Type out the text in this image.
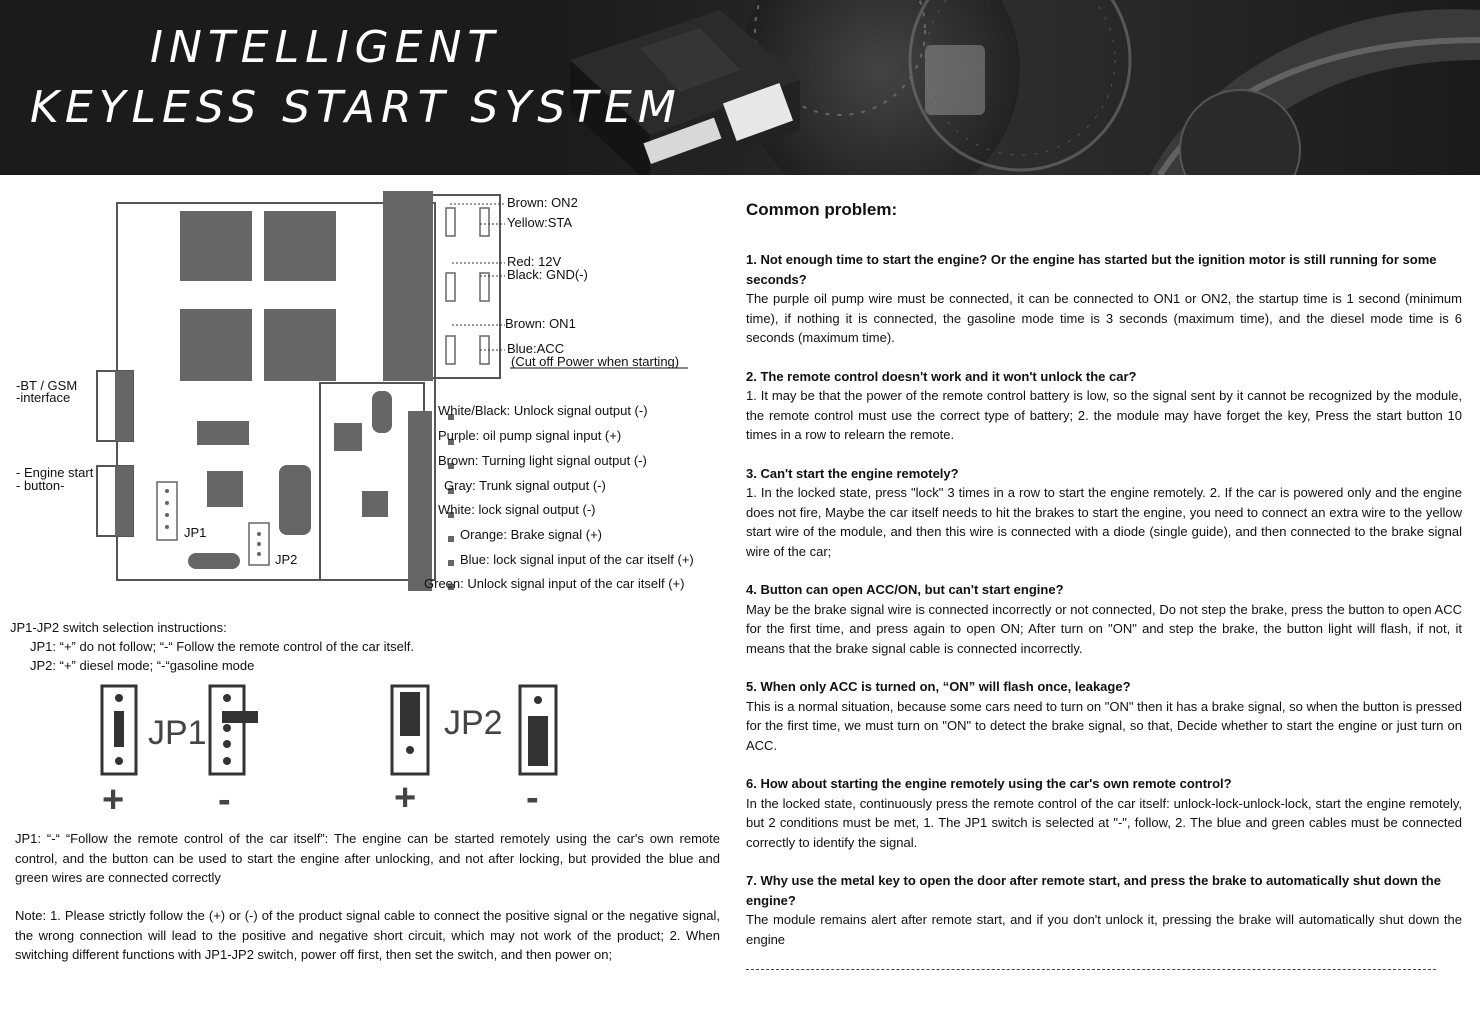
INTELLIGENT
KEYLESS START SYSTEM
Brown: ON2
Yellow:STA
Red: 12V
Black: GND(-)
Brown: ON1
Blue:ACC
(Cut off Power when starting)
White/Black: Unlock signal output (-)
Purple: oil pump signal input (+)
Brown: Turning light signal output (-)
Gray: Trunk signal output (-)
White: lock signal output (-)
Orange: Brake signal (+)
Blue: lock signal input of the car itself (+)
Green: Unlock signal input of the car itself (+)
-BT / GSM
-interface
- Engine start
- button-
JP1
JP2
JP1-JP2 switch selection instructions:
JP1: “+” do not follow; “-“ Follow the remote control of the car itself.
JP2: “+” diesel mode; “-“gasoline mode
JP1	JP2
+ -	+	-
JP1: “-“ “Follow the remote control of the car itself”: The engine can be started remotely using the car's own remote control, and the button can be used to start the engine after unlocking, and not after locking, but provided the blue and green wires are connected correctly
Note: 1. Please strictly follow the (+) or (-) of the product signal cable to connect the positive signal or the negative signal, the wrong connection will lead to the positive and negative short circuit, which may not work of the product; 2. When switching different functions with JP1-JP2 switch, power off first, then set the switch, and then power on;
Common problem:
1. Not enough time to start the engine? Or the engine has started but the ignition motor is still running for some seconds?
The purple oil pump wire must be connected, it can be connected to ON1 or ON2, the startup time is 1 second (minimum time), if nothing it is connected, the gasoline mode time is 3 seconds (maximum time), and the diesel mode time is 6 seconds (maximum time).
2. The remote control doesn't work and it won't unlock the car?
1. It may be that the power of the remote control battery is low, so the signal sent by it cannot be recognized by the module, the remote control must use the correct type of battery; 2. the module may have forget the key, Press the start button 10 times in a row to relearn the remote.
3. Can't start the engine remotely?
1. In the locked state, press "lock" 3 times in a row to start the engine remotely. 2. If the car is powered only and the engine does not fire, Maybe the car itself needs to hit the brakes to start the engine, you need to connect an extra wire to the yellow start wire of the module, and then this wire is connected with a diode (single guide), and then connected to the brake signal wire of the car;
4. Button can open ACC/ON, but can't start engine?
May be the brake signal wire is connected incorrectly or not connected, Do not step the brake, press the button to open ACC for the first time, and press again to open ON; After turn on "ON" and step the brake, the button light will flash, if not, it means that the brake signal cable is connected incorrectly.
5. When only ACC is turned on, “ON” will flash once, leakage?
This is a normal situation, because some cars need to turn on "ON" then it has a brake signal, so when the button is pressed for the first time, we must turn on "ON" to detect the brake signal, so that, Decide whether to start the engine or just turn on ACC.
6. How about starting the engine remotely using the car's own remote control?
In the locked state, continuously press the remote control of the car itself: unlock-lock-unlock-lock, start the engine remotely, but 2 conditions must be met, 1. The JP1 switch is selected at "-", follow, 2. The blue and green cables must be connected correctly to identify the signal.
7. Why use the metal key to open the door after remote start, and press the brake to automatically shut down the engine?
The module remains alert after remote start, and if you don't unlock it, pressing the brake will automatically shut down the engine
